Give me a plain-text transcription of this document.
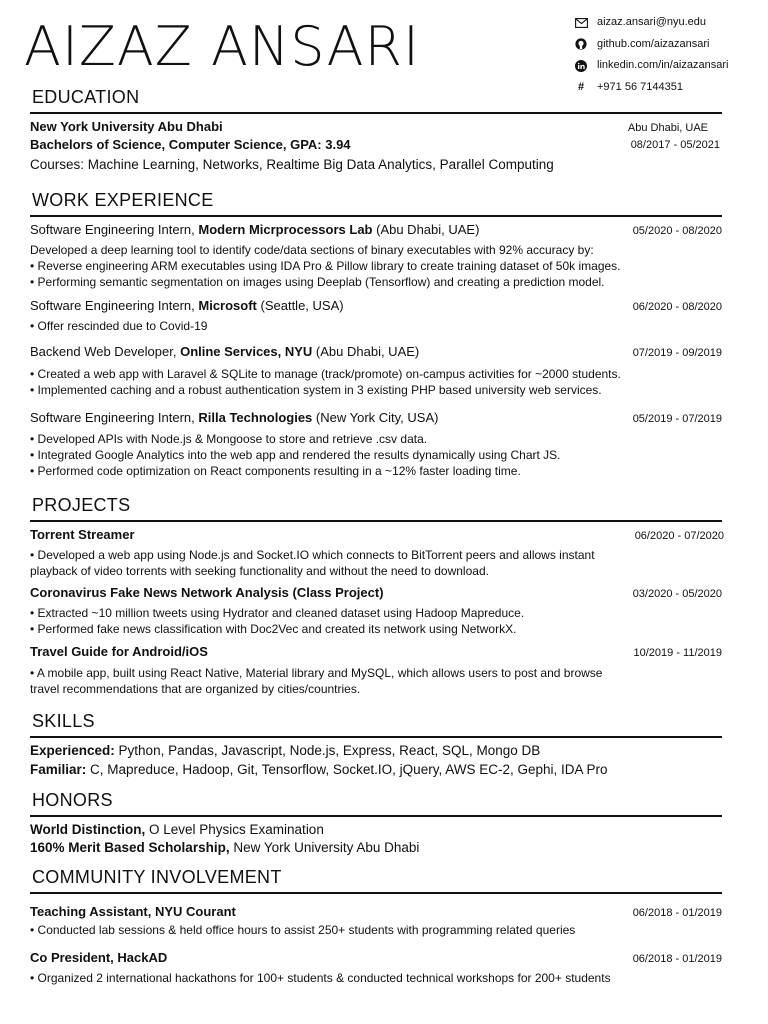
AIZAZ ANSARI	aizaz.ansari@nyu.edu
github.com/aizazansari
linkedin.com/in/aizazansari
#	+971 56 7144351
EDUCATION
New York University Abu Dhabi	Abu Dhabi, UAE
Bachelors of Science, Computer Science, GPA: 3.94	08/2017 - 05/2021
Courses: Machine Learning, Networks, Realtime Big Data Analytics, Parallel Computing
WORK EXPERIENCE
Software Engineering Intern, Modern Micrprocessors Lab (Abu Dhabi, UAE)	05/2020 - 08/2020
Developed a deep learning tool to identify code/data sections of binary executables with 92% accuracy by:
• Reverse engineering ARM executables using IDA Pro & Pillow library to create training dataset of 50k images.
• Performing semantic segmentation on images using Deeplab (Tensorflow) and creating a prediction model.
Software Engineering Intern, Microsoft (Seattle, USA)	06/2020 - 08/2020
• Offer rescinded due to Covid-19
Backend Web Developer, Online Services, NYU (Abu Dhabi, UAE)	07/2019 - 09/2019
• Created a web app with Laravel & SQLite to manage (track/promote) on-campus activities for ~2000 students.
• Implemented caching and a robust authentication system in 3 existing PHP based university web services.
Software Engineering Intern, Rilla Technologies (New York City, USA)	05/2019 - 07/2019
• Developed APIs with Node.js & Mongoose to store and retrieve .csv data.
• Integrated Google Analytics into the web app and rendered the results dynamically using Chart JS.
• Performed code optimization on React components resulting in a ~12% faster loading time.
PROJECTS
Torrent Streamer	06/2020 - 07/2020
• Developed a web app using Node.js and Socket.IO which connects to BitTorrent peers and allows instant
playback of video torrents with seeking functionality and without the need to download.
Coronavirus Fake News Network Analysis (Class Project)	03/2020 - 05/2020
• Extracted ~10 million tweets using Hydrator and cleaned dataset using Hadoop Mapreduce.
• Performed fake news classification with Doc2Vec and created its network using NetworkX.
Travel Guide for Android/iOS	10/2019 - 11/2019
• A mobile app, built using React Native, Material library and MySQL, which allows users to post and browse
travel recommendations that are organized by cities/countries.
SKILLS
Experienced: Python, Pandas, Javascript, Node.js, Express, React, SQL, Mongo DB
Familiar: C, Mapreduce, Hadoop, Git, Tensorflow, Socket.IO, jQuery, AWS EC-2, Gephi, IDA Pro
HONORS
World Distinction, O Level Physics Examination
160% Merit Based Scholarship, New York University Abu Dhabi
COMMUNITY INVOLVEMENT
Teaching Assistant, NYU Courant	06/2018 - 01/2019
• Conducted lab sessions & held office hours to assist 250+ students with programming related queries
Co President, HackAD	06/2018 - 01/2019
• Organized 2 international hackathons for 100+ students & conducted technical workshops for 200+ students
